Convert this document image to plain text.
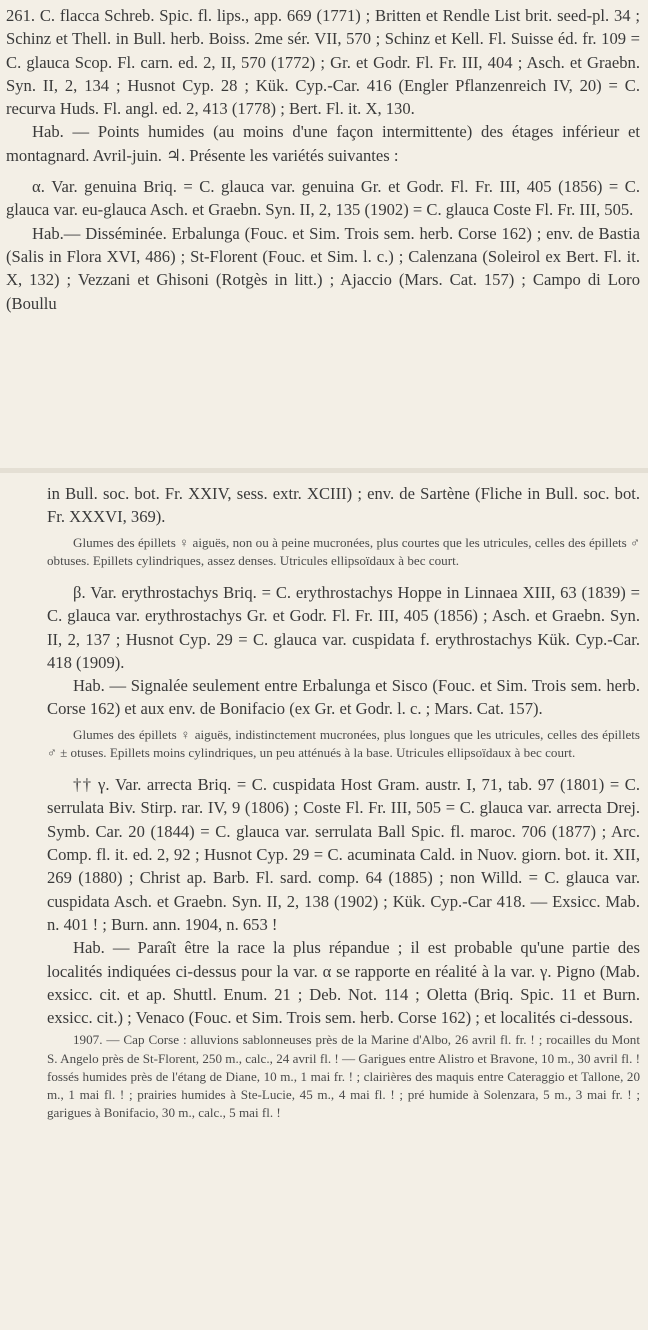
261. C. flacca Schreb. Spic. fl. lips., app. 669 (1771) ; Britten et Rendle List brit. seed-pl. 34 ; Schinz et Thell. in Bull. herb. Boiss. 2me sér. VII, 570 ; Schinz et Kell. Fl. Suisse éd. fr. 109 = C. glauca Scop. Fl. carn. ed. 2, II, 570 (1772) ; Gr. et Godr. Fl. Fr. III, 404 ; Asch. et Graebn. Syn. II, 2, 134 ; Husnot Cyp. 28 ; Kük. Cyp.-Car. 416 (Engler Pflanzenreich IV, 20) = C. recurva Huds. Fl. angl. ed. 2, 413 (1778) ; Bert. Fl. it. X, 130.

Hab. — Points humides (au moins d'une façon intermittente) des étages inférieur et montagnard. Avril-juin. ♃. Présente les variétés suivantes :

α. Var. genuina Briq. = C. glauca var. genuina Gr. et Godr. Fl. Fr. III, 405 (1856) = C. glauca var. eu-glauca Asch. et Graebn. Syn. II, 2, 135 (1902) = C. glauca Coste Fl. Fr. III, 505.

Hab.— Disséminée. Erbalunga (Fouc. et Sim. Trois sem. herb. Corse 162) ; env. de Bastia (Salis in Flora XVI, 486) ; St-Florent (Fouc. et Sim. l. c.) ; Calenzana (Soleirol ex Bert. Fl. it. X, 132) ; Vezzani et Ghisoni (Rotgès in litt.) ; Ajaccio (Mars. Cat. 157) ; Campo di Loro (Boullu

in Bull. soc. bot. Fr. XXIV, sess. extr. XCIII) ; env. de Sartène (Fliche in Bull. soc. bot. Fr. XXXVI, 369).

Glumes des épillets ♀ aiguës, non ou à peine mucronées, plus courtes que les utricules, celles des épillets ♂ obtuses. Epillets cylindriques, assez denses. Utricules ellipsoïdaux à bec court.

β. Var. erythrostachys Briq. = C. erythrostachys Hoppe in Linnaea XIII, 63 (1839) = C. glauca var. erythrostachys Gr. et Godr. Fl. Fr. III, 405 (1856) ; Asch. et Graebn. Syn. II, 2, 137 ; Husnot Cyp. 29 = C. glauca var. cuspidata f. erythrostachys Kük. Cyp.-Car. 418 (1909).

Hab. — Signalée seulement entre Erbalunga et Sisco (Fouc. et Sim. Trois sem. herb. Corse 162) et aux env. de Bonifacio (ex Gr. et Godr. l. c. ; Mars. Cat. 157).

Glumes des épillets ♀ aiguës, indistinctement mucronées, plus longues que les utricules, celles des épillets ♂ ± otuses. Epillets moins cylindriques, un peu atténués à la base. Utricules ellipsoïdaux à bec court.

†† γ. Var. arrecta Briq. = C. cuspidata Host Gram. austr. I, 71, tab. 97 (1801) = C. serrulata Biv. Stirp. rar. IV, 9 (1806) ; Coste Fl. Fr. III, 505 = C. glauca var. arrecta Drej. Symb. Car. 20 (1844) = C. glauca var. serrulata Ball Spic. fl. maroc. 706 (1877) ; Arc. Comp. fl. it. ed. 2, 92 ; Husnot Cyp. 29 = C. acuminata Cald. in Nuov. giorn. bot. it. XII, 269 (1880) ; Christ ap. Barb. Fl. sard. comp. 64 (1885) ; non Willd. = C. glauca var. cuspidata Asch. et Graebn. Syn. II, 2, 138 (1902) ; Kük. Cyp.-Car 418. — Exsicc. Mab. n. 401 ! ; Burn. ann. 1904, n. 653 !

Hab. — Paraît être la race la plus répandue ; il est probable qu'une partie des localités indiquées ci-dessus pour la var. α se rapporte en réalité à la var. γ. Pigno (Mab. exsicc. cit. et ap. Shuttl. Enum. 21 ; Deb. Not. 114 ; Oletta (Briq. Spic. 11 et Burn. exsicc. cit.) ; Venaco (Fouc. et Sim. Trois sem. herb. Corse 162) ; et localités ci-dessous.

1907. — Cap Corse : alluvions sablonneuses près de la Marine d'Albo, 26 avril fl. fr. ! ; rocailles du Mont S. Angelo près de St-Florent, 250 m., calc., 24 avril fl. ! — Garigues entre Alistro et Bravone, 10 m., 30 avril fl. ! fossés humides près de l'étang de Diane, 10 m., 1 mai fr. ! ; clairières des maquis entre Cateraggio et Tallone, 20 m., 1 mai fl. ! ; prairies humides à Ste-Lucie, 45 m., 4 mai fl. ! ; pré humide à Solenzara, 5 m., 3 mai fr. ! ; garigues à Bonifacio, 30 m., calc., 5 mai fl. !
